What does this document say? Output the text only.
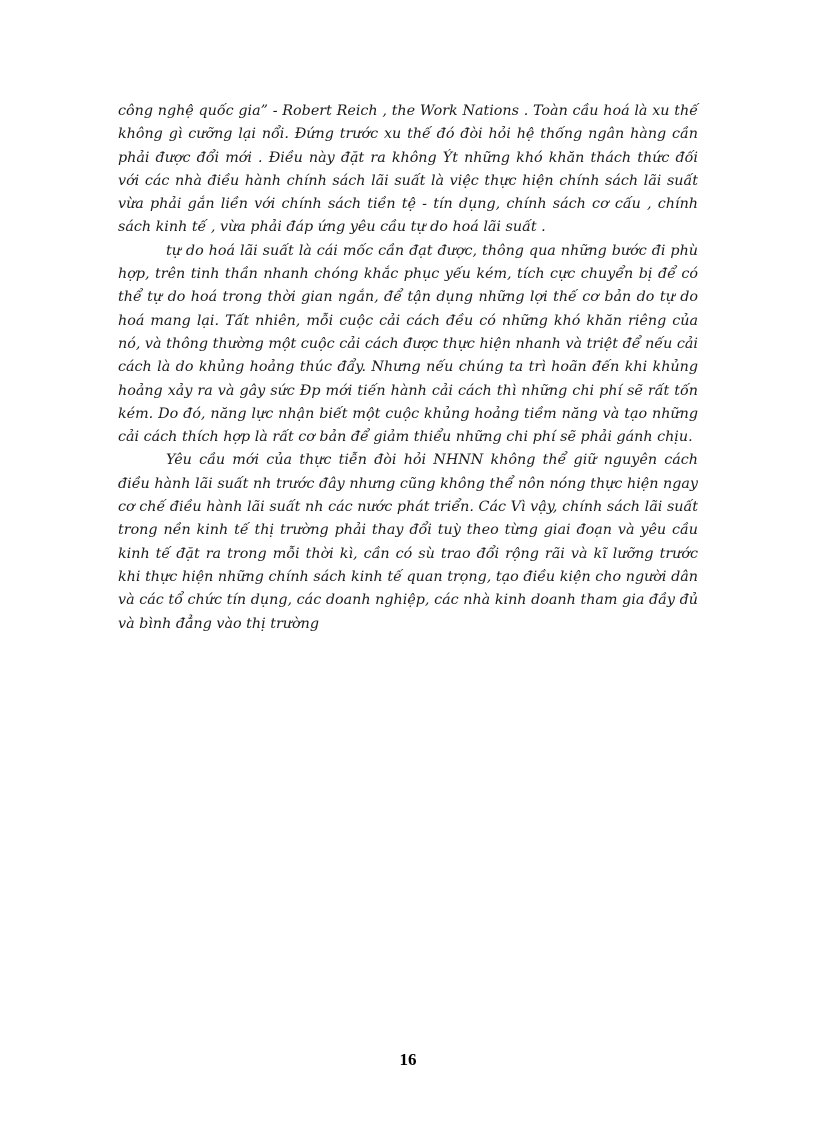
công nghệ quốc gia” - Robert Reich , the Work Nations . Toàn cầu hoá là xu thế không gì cưỡng lại nổi. Đứng trước xu thế đó đòi hỏi hệ thống ngân hàng cần phải được đổi mới . Điều này đặt ra không Ýt những khó khăn thách thức đối với các nhà điều hành chính sách lãi suất là việc thực hiện chính sách lãi suất vừa phải gắn liền với chính sách tiền tệ - tín dụng, chính sách cơ cấu , chính sách kinh tế , vừa phải đáp ứng yêu cầu tự do hoá lãi suất .

tự do hoá lãi suất là cái mốc cần đạt được, thông qua những bước đi phù hợp, trên tinh thần nhanh chóng khắc phục yếu kém, tích cực chuyển bị để có thể tự do hoá trong thời gian ngắn, để tận dụng những lợi thế cơ bản do tự do hoá mang lại. Tất nhiên, mỗi cuộc cải cách đều có những khó khăn riêng của nó, và thông thường một cuộc cải cách được thực hiện nhanh và triệt để nếu cải cách là do khủng hoảng thúc đẩy. Nhưng nếu chúng ta trì hoãn đến khi khủng hoảng xảy ra và gây sức Ðp mới tiến hành cải cách thì những chi phí sẽ rất tốn kém. Do đó, năng lực nhận biết một cuộc khủng hoảng tiềm năng và tạo những cải cách thích hợp là rất cơ bản để giảm thiểu những chi phí sẽ phải gánh chịu.

Yêu cầu mới của thực tiễn đòi hỏi NHNN không thể giữ nguyên cách điều hành lãi suất nh trước đây nhưng cũng không thể nôn nóng thực hiện ngay cơ chế điều hành lãi suất nh các nước phát triển. Các Vì vậy, chính sách lãi suất trong nền kinh tế thị trường phải thay đổi tuỳ theo từng giai đoạn và yêu cầu kinh tế đặt ra trong mỗi thời kì, cần có sù trao đổi rộng rãi và kĩ lưỡng trước khi thực hiện những chính sách kinh tế quan trọng, tạo điều kiện cho người dân và các tổ chức tín dụng, các doanh nghiệp, các nhà kinh doanh tham gia đầy đủ và bình đẳng vào thị trường

16
